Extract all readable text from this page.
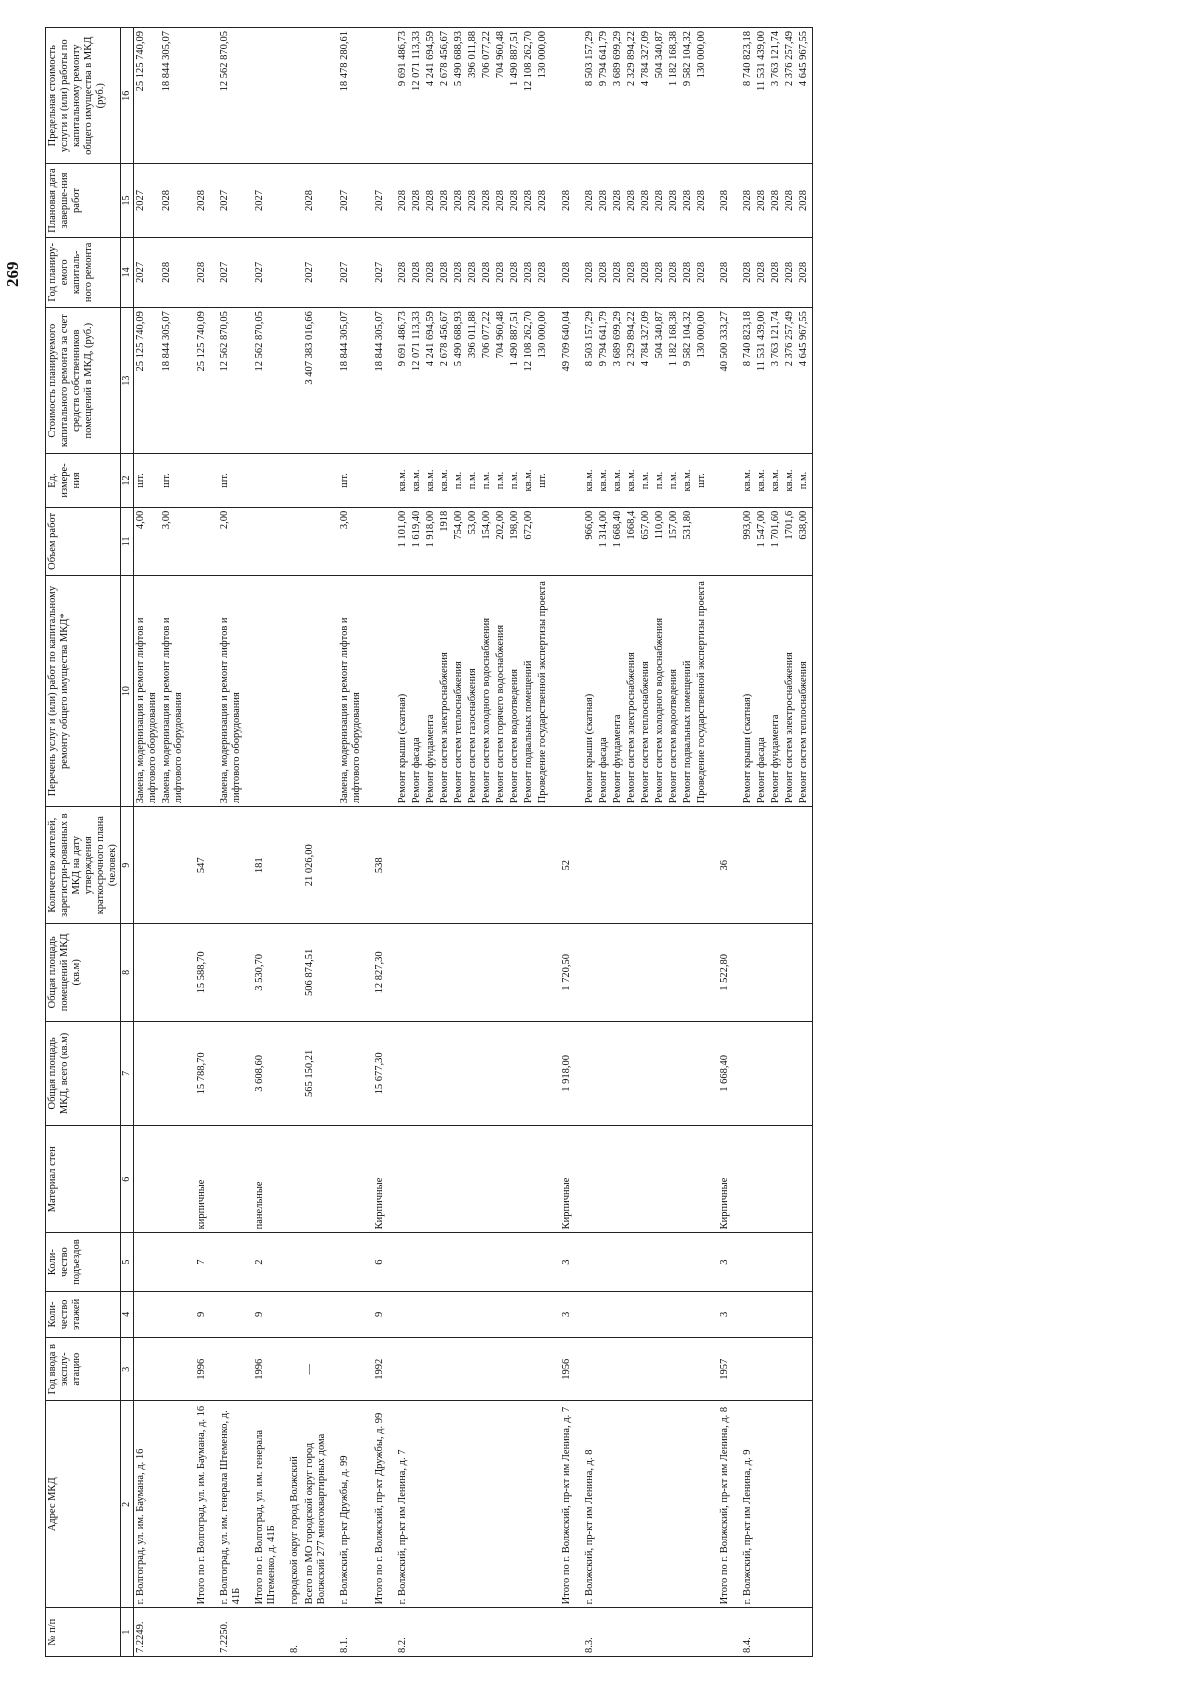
269
№ п/п	Адрес МКД	Год ввода в эксплу-атацию	Коли-чество этажей	Коли-чество подъездов	Материал стен	Общая площадь МКД, всего (кв.м)	Общая площадь помещений МКД (кв.м)	Количество жителей, зарегистри-рованных в МКД на дату утверждения краткосрочного плана (человек)	Перечень услуг и (или) работ по капитальному ремонту общего имущества МКД*	Объем работ	Ед. измере-ния	Стоимость планируемого капитального ремонта за счет средств собственников помещений в МКД, (руб.)	Год планиру-емого капиталь-ного ремонта	Плановая дата заверше-ния работ	Предельная стоимость услуги и (или) работы по капитальному ремонту общего имущества в МКД (руб.)
1	2	3	4	5	6	7	8	9	10	11	12	13	14	15	16
7.2249.	г. Волгоград, ул. им. Баумана, д. 16								Замена, модернизация и ремонт лифтов и лифтового оборудования	4,00	шт.	25 125 740,09	2027	2027	25 125 740,09
									Замена, модернизация и ремонт лифтов и лифтового оборудования	3,00	шт.	18 844 305,07	2028	2028	18 844 305,07
	Итого по г. Волгоград, ул. им. Баумана, д. 16	1996	9	7	кирпичные	15 788,70	15 588,70	547				25 125 740,09	2028	2028	
7.2250.	г. Волгоград, ул. им. генерала Штеменко, д. 41Б								Замена, модернизация и ремонт лифтов и лифтового оборудования	2,00	шт.	12 562 870,05	2027	2027	12 562 870,05
	Итого по г. Волгоград, ул. им. генерала Штеменко, д. 41Б	1996	9	2	панельные	3 608,60	3 530,70	181				12 562 870,05	2027	2027	
8.	городской округ город Волжский														
	Всего по МО городской округ город Волжский 277 многоквартирных дома	—				565 150,21	506 874,51	21 026,00				3 407 383 016,66	2027	2028	
8.1.	г. Волжский, пр-кт Дружбы, д. 99								Замена, модернизация и ремонт лифтов и лифтового оборудования	3,00	шт.	18 844 305,07	2027	2027	18 478 280,61
	Итого по г. Волжский, пр-кт Дружбы, д. 99	1992	9	6	Кирпичные	15 677,30	12 827,30	538				18 844 305,07	2027	2027	
8.2.	г. Волжский, пр-кт им Ленина, д. 7								Ремонт крыши (скатная)	1 101,00	кв.м.	9 691 486,73	2028	2028	9 691 486,73
									Ремонт фасада	1 619,40	кв.м.	12 071 113,33	2028	2028	12 071 113,33
									Ремонт фундамента	1 918,00	кв.м.	4 241 694,59	2028	2028	4 241 694,59
									Ремонт систем электроснабжения	1918	кв.м.	2 678 456,67	2028	2028	2 678 456,67
									Ремонт систем теплоснабжения	754,00	п.м.	5 490 688,93	2028	2028	5 490 688,93
									Ремонт систем газоснабжения	53,00	п.м.	396 011,88	2028	2028	396 011,88
									Ремонт систем холодного водоснабжения	154,00	п.м.	706 077,22	2028	2028	706 077,22
									Ремонт систем горячего водоснабжения	202,00	п.м.	704 960,48	2028	2028	704 960,48
									Ремонт систем водоотведения	198,00	п.м.	1 490 887,51	2028	2028	1 490 887,51
									Ремонт подвальных помещений	672,00	кв.м.	12 108 262,70	2028	2028	12 108 262,70
									Проведение государственной экспертизы проекта		шт.	130 000,00	2028	2028	130 000,00
	Итого по г. Волжский, пр-кт им Ленина, д. 7	1956	3	3	Кирпичные	1 918,00	1 720,50	52				49 709 640,04	2028	2028	
8.3.	г. Волжский, пр-кт им Ленина, д. 8								Ремонт крыши (скатная)	966,00	кв.м.	8 503 157,29	2028	2028	8 503 157,29
									Ремонт фасада	1 314,00	кв.м.	9 794 641,79	2028	2028	9 794 641,79
									Ремонт фундамента	1 668,40	кв.м.	3 689 699,29	2028	2028	3 689 699,29
									Ремонт систем электроснабжения	1668,4	кв.м.	2 329 894,22	2028	2028	2 329 894,22
									Ремонт систем теплоснабжения	657,00	п.м.	4 784 327,09	2028	2028	4 784 327,09
									Ремонт систем холодного водоснабжения	110,00	п.м.	504 340,87	2028	2028	504 340,87
									Ремонт систем водоотведения	157,00	п.м.	1 182 168,38	2028	2028	1 182 168,38
									Ремонт подвальных помещений	531,80	кв.м.	9 582 104,32	2028	2028	9 582 104,32
									Проведение государственной экспертизы проекта		шт.	130 000,00	2028	2028	130 000,00
	Итого по г. Волжский, пр-кт им Ленина, д. 8	1957	3	3	Кирпичные	1 668,40	1 522,80	36				40 500 333,27	2028	2028	
8.4.	г. Волжский, пр-кт им Ленина, д. 9								Ремонт крыши (скатная)	993,00	кв.м.	8 740 823,18	2028	2028	8 740 823,18
									Ремонт фасада	1 547,00	кв.м.	11 531 439,00	2028	2028	11 531 439,00
									Ремонт фундамента	1 701,60	кв.м.	3 763 121,74	2028	2028	3 763 121,74
									Ремонт систем электроснабжения	1701,6	кв.м.	2 376 257,49	2028	2028	2 376 257,49
									Ремонт систем теплоснабжения	638,00	п.м.	4 645 967,55	2028	2028	4 645 967,55
